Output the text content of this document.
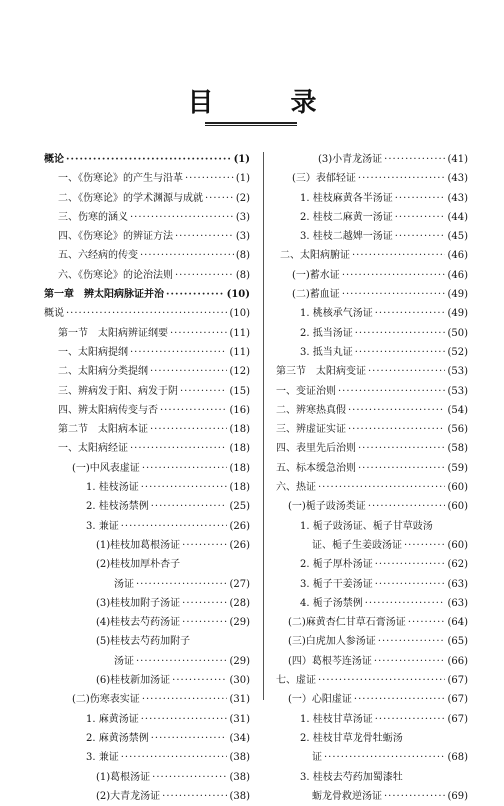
目 录
概论 ·····	(1)
一、《伤寒论》的产生与沿革 ·····	(1)
二、《伤寒论》的学术渊源与成就 ·····	(2)
三、伤寒的涵义 ·····	(3)
四、《伤寒论》的辨证方法 ·····	(3)
五、六经病的传变 ·····	(8)
六、《伤寒论》的论治法则 ·····	(8)
第一章　辨太阳病脉证并治 ·····	(10)
概说 ·····	(10)
第一节　太阳病辨证纲要 ·····	(11)
一、太阳病提纲 ·····	(11)
二、太阳病分类提纲 ·····	(12)
三、辨病发于阳、病发于阴 ·····	(15)
四、辨太阳病传变与否 ·····	(16)
第二节　太阳病本证 ·····	(18)
一、太阳病经证 ·····	(18)
(一)中风表虚证 ·····	(18)
1. 桂枝汤证 ·····	(18)
2. 桂枝汤禁例 ·····	(25)
3. 兼证 ·····	(26)
(1)桂枝加葛根汤证 ·····	(26)
(2)桂枝加厚朴杏子
汤证 ·····	(27)
(3)桂枝加附子汤证 ·····	(28)
(4)桂枝去芍药汤证 ·····	(29)
(5)桂枝去芍药加附子
汤证 ·····	(29)
(6)桂枝新加汤证 ·····	(30)
(二)伤寒表实证 ·····	(31)
1. 麻黄汤证 ·····	(31)
2. 麻黄汤禁例 ·····	(34)
3. 兼证 ·····	(38)
(1)葛根汤证 ·····	(38)
(2)大青龙汤证 ·····	(38)
(3)小青龙汤证 ·····	(41)
(三）表郁轻证 ·····	(43)
1. 桂枝麻黄各半汤证 ·····	(43)
2. 桂枝二麻黄一汤证 ·····	(44)
3. 桂枝二越婢一汤证 ·····	(45)
二、太阳病腑证 ·····	(46)
(一)蓄水证 ·····	(46)
(二)蓄血证 ·····	(49)
1. 桃核承气汤证 ·····	(49)
2. 抵当汤证 ·····	(50)
3. 抵当丸证 ·····	(52)
第三节　太阳病变证 ·····	(53)
一、变证治则 ·····	(53)
二、辨寒热真假 ·····	(54)
三、辨虚证实证 ·····	(56)
四、表里先后治则 ·····	(58)
五、标本缓急治则 ·····	(59)
六、热证 ·····	(60)
(一)栀子豉汤类证 ·····	(60)
1. 栀子豉汤证、栀子甘草豉汤
证、栀子生姜豉汤证 ·····	(60)
2. 栀子厚朴汤证 ·····	(62)
3. 栀子干姜汤证 ·····	(63)
4. 栀子汤禁例 ·····	(63)
(二)麻黄杏仁甘草石膏汤证 ·····	(64)
(三)白虎加人参汤证 ·····	(65)
(四）葛根芩连汤证 ·····	(66)
七、虚证 ·····	(67)
(一）心阳虚证 ·····	(67)
1. 桂枝甘草汤证 ·····	(67)
2. 桂枝甘草龙骨牡蛎汤
证 ·····	(68)
3. 桂枝去芍药加蜀漆牡
蛎龙骨救逆汤证 ·····	(69)
